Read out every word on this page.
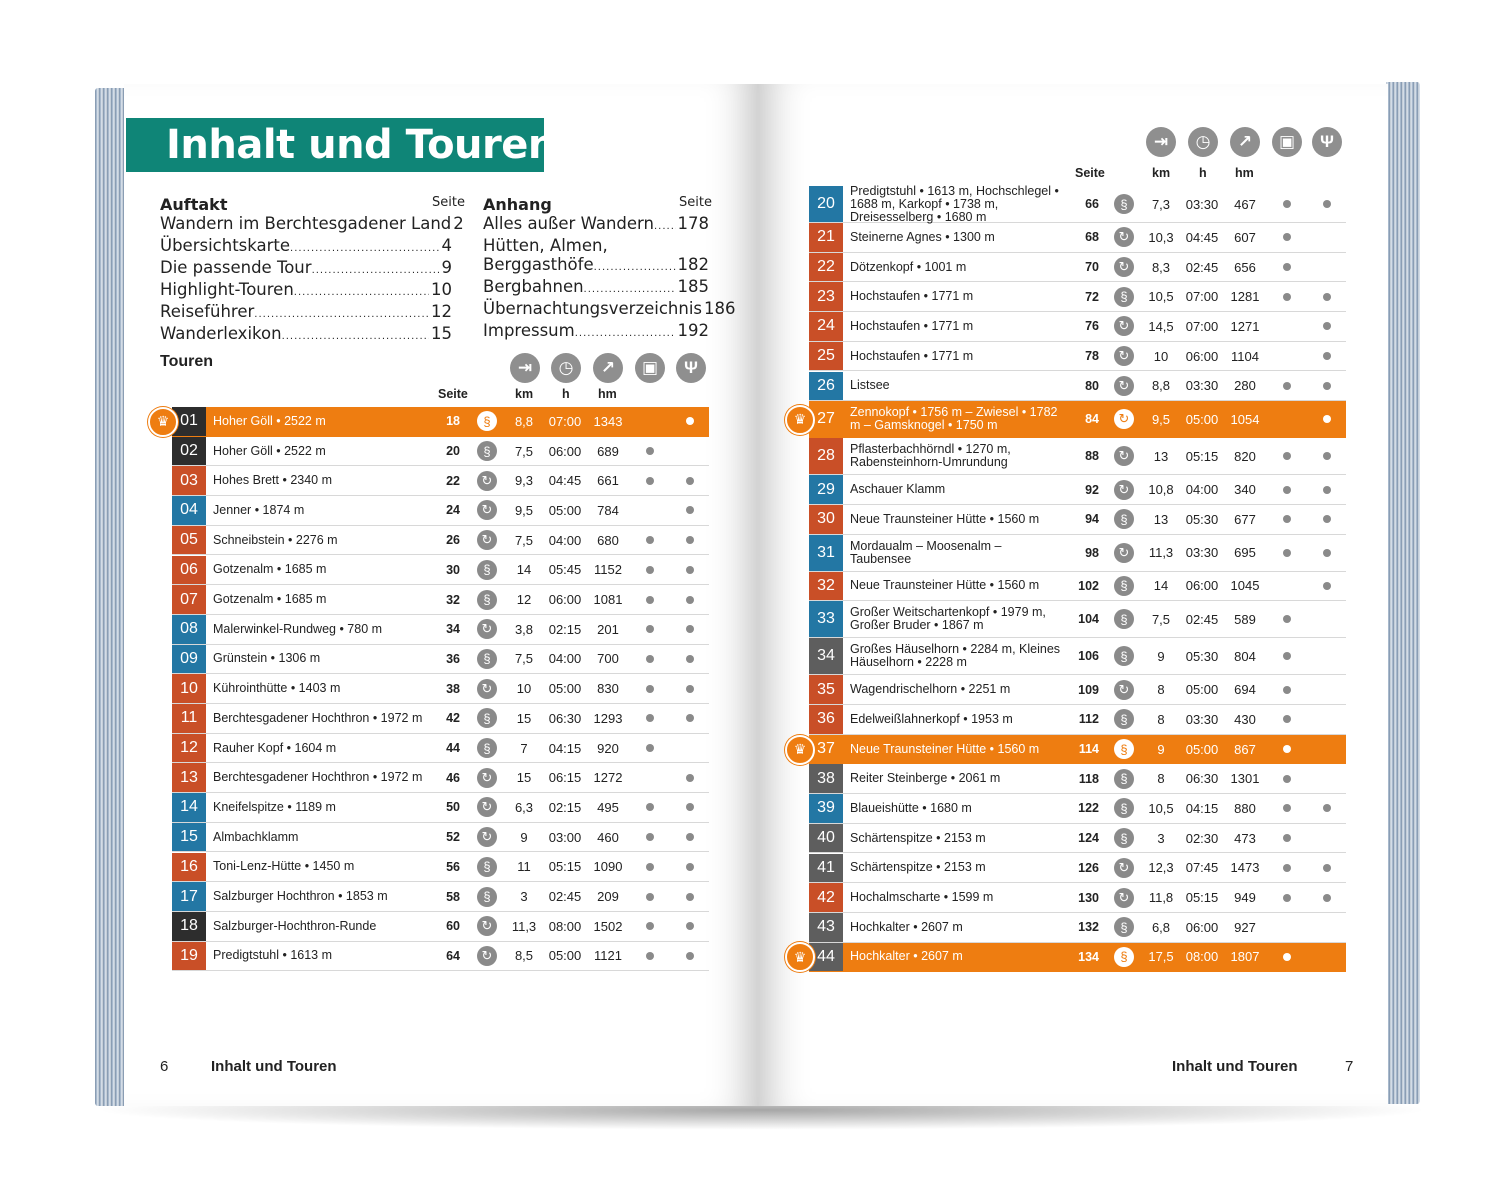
Inhalt und Touren
Auftakt	Seite
Wandern im Berchtesgadener Land 2
Übersichtskarte .....	4
Die passende Tour .....	9
Highlight-Touren .....	10
Reiseführer .....	12
Wanderlexikon .....	15
Anhang	Seite
Alles außer Wandern ..... 178
Hütten, Almen,
Berggasthöfe .....	182
Bergbahnen .....	185
Übernachtungsverzeichnis 186
Impressum .....	192
Touren	⇥	◷	↗	▣	Ψ
Seite	km h hm
⇥	◷	↗	▣	Ψ
Seite	km h hm
01	Hoher Göll • 2522 m	18	§	8,8	07:00 1343
♛
02	Hoher Göll • 2522 m	20	§	7,5	06:00	689
03	Hohes Brett • 2340 m	22	↻	9,3	04:45	661
04	Jenner • 1874 m	24	↻	9,5	05:00	784
05	Schneibstein • 2276 m	26	↻	7,5	04:00	680
06	Gotzenalm • 1685 m	30	§	14	05:45 1152
07	Gotzenalm • 1685 m	32	§	12	06:00 1081
08	Malerwinkel-Rundweg • 780 m	34	↻	3,8	02:15	201
09	Grünstein • 1306 m	36	§	7,5	04:00	700
10	Kührointhütte • 1403 m	38	↻	10	05:00	830
11	Berchtesgadener Hochthron • 1972 m	42	§	15	06:30 1293
12	Rauher Kopf • 1604 m	44	§	7	04:15	920
13	Berchtesgadener Hochthron • 1972 m	46	↻	15	06:15 1272
14	Kneifelspitze • 1189 m	50	↻	6,3	02:15	495
15	Almbachklamm	52	↻	9	03:00	460
16	Toni-Lenz-Hütte • 1450 m	56	§	11	05:15 1090
17	Salzburger Hochthron • 1853 m	58	§	3	02:45	209
18	Salzburger-Hochthron-Runde	60	↻	11,3 08:00 1502
19	Predigtstuhl • 1613 m	64	↻	8,5	05:00 1121
20
Predigtstuhl • 1613 m, Hochschlegel • 1688 m, Karkopf • 1738 m, Dreisesselberg • 1680 m
66	§	7,3	03:30	467
21	Steinerne Agnes • 1300 m	68	↻	10,3 04:45	607
22	Dötzenkopf • 1001 m	70	↻	8,3	02:45	656
23	Hochstaufen • 1771 m	72	§	10,5 07:00 1281
24	Hochstaufen • 1771 m	76	↻	14,5 07:00 1271
25	Hochstaufen • 1771 m	78	↻	10	06:00 1104
26	Listsee	80	↻	8,8	03:30	280
27	Zennokopf • 1756 m – Zwiesel • 1782 m – Gamsknogel • 1750 m	84	↻	9,5	05:00 1054
♛
28	Pflasterbachhörndl • 1270 m, Rabensteinhorn-Umrundung	88	↻	13	05:15	820
29	Aschauer Klamm	92	↻	10,8 04:00	340
30	Neue Traunsteiner Hütte • 1560 m	94	§	13	05:30	677
31	Mordaualm – Moosenalm – Taubensee	98	↻	11,3 03:30	695
32	Neue Traunsteiner Hütte • 1560 m	102	§	14	06:00 1045
33	Großer Weitschartenkopf • 1979 m, Großer Bruder • 1867 m	104	§	7,5	02:45	589
34	Großes Häuselhorn • 2284 m, Kleines Häuselhorn • 2228 m	106	§	9	05:30	804
35	Wagendrischelhorn • 2251 m	109	↻	8	05:00	694
36	Edelweißlahnerkopf • 1953 m	112	§	8	03:30	430
37	Neue Traunsteiner Hütte • 1560 m	114	§	9	05:00	867
♛
38	Reiter Steinberge • 2061 m	118	§	8	06:30 1301
39	Blaueishütte • 1680 m	122	§	10,5 04:15	880
40	Schärtenspitze • 2153 m	124	§	3	02:30	473
41	Schärtenspitze • 2153 m	126	↻	12,3 07:45 1473
42	Hochalmscharte • 1599 m	130	↻	11,8 05:15	949
43	Hochkalter • 2607 m	132	§	6,8	06:00	927
44	Hochkalter • 2607 m	134	§	17,5 08:00 1807
♛
6	Inhalt und Touren	Inhalt und Touren	7
